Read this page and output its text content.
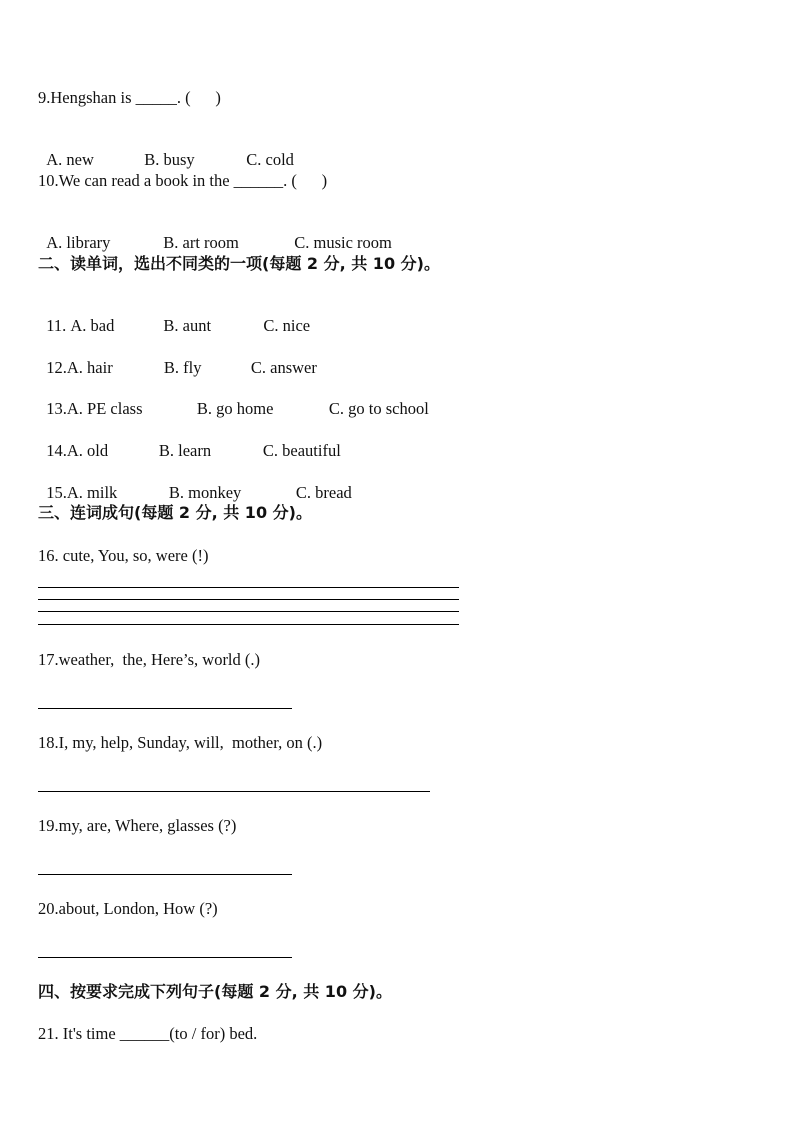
9.Hengshan is _____. (      )

A. new	B. busy	C. cold

10.We can read a book in the ______. (      )

A. library	B. art room	C. music room

二、读单词，选出不同类的一项(每题 2 分, 共 10 分)。

11. A. bad	B. aunt	C. nice

12.A. hair	B. fly	C. answer

13.A. PE class	B. go home	C. go to school

14.A. old	B. learn	C. beautiful

15.A. milk	B. monkey	C. bread

三、连词成句(每题 2 分, 共 10 分)。
16. cute, You, so, were (!)
17.weather,  the, Here’s, world (.)
18.I, my, help, Sunday, will,  mother, on (.)
19.my, are, Where, glasses (?)
20.about, London, How (?)
四、按要求完成下列句子(每题 2 分, 共 10 分)。
21. It's time ______(to / for) bed.
